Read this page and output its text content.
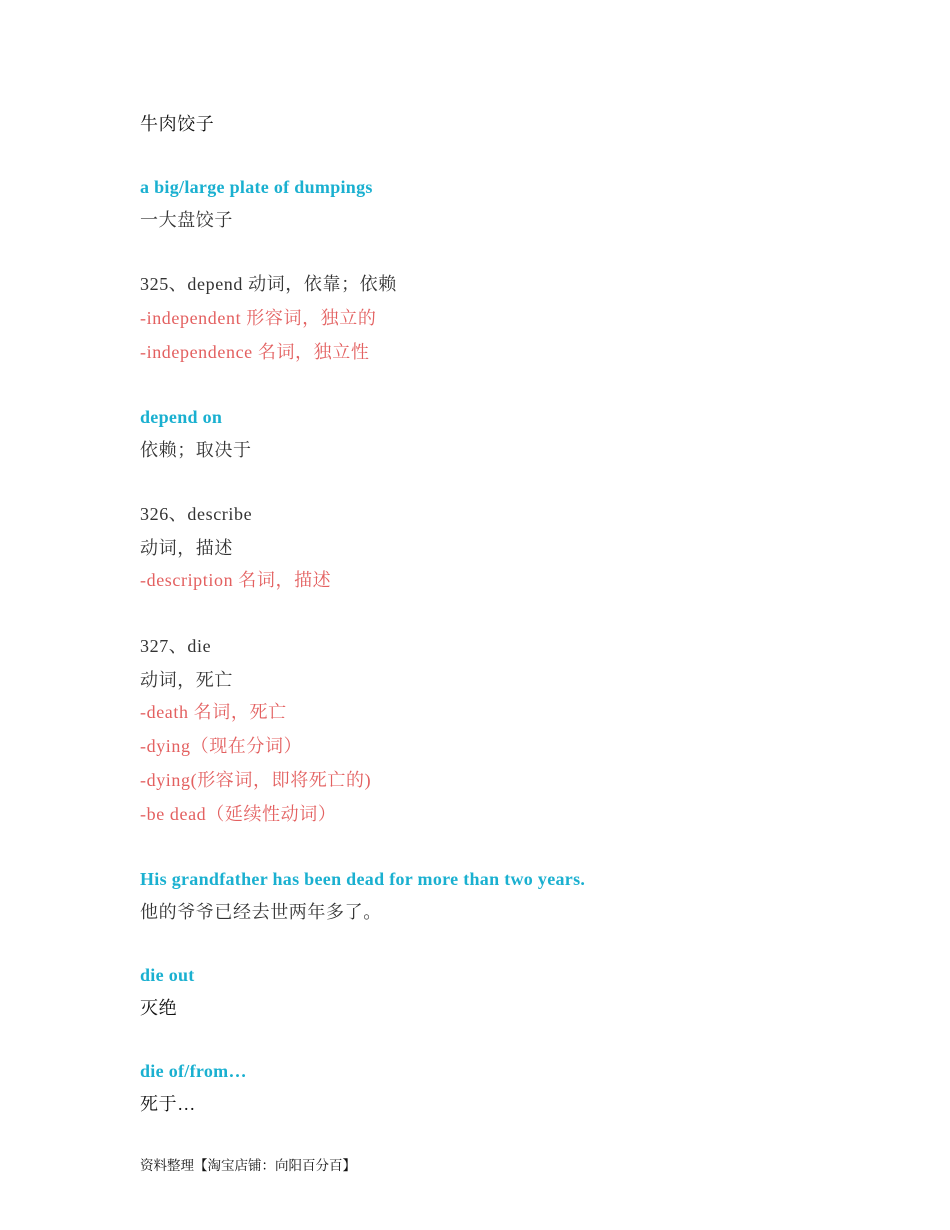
牛肉饺子
a big/large plate of dumpings
一大盘饺子
325、depend 动词，依靠；依赖
-independent 形容词，独立的
-independence 名词，独立性
depend on
依赖；取决于
326、describe
动词，描述
-description 名词，描述
327、die
动词，死亡
-death 名词，死亡
-dying（现在分词）
-dying(形容词，即将死亡的)
-be dead（延续性动词）
His grandfather has been dead for more than two years.
他的爷爷已经去世两年多了。
die out
灭绝
die of/from…
死于…
资料整理【淘宝店铺：向阳百分百】
